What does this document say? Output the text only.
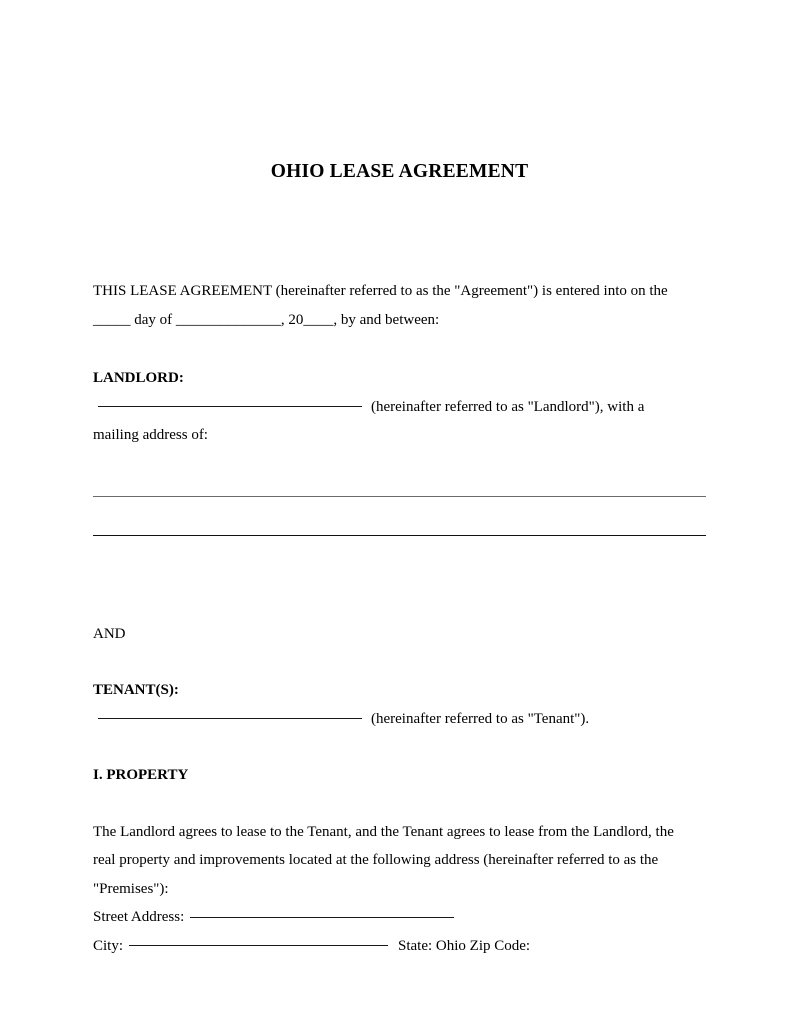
OHIO LEASE AGREEMENT

THIS LEASE AGREEMENT (hereinafter referred to as the "Agreement") is entered into on the

_____ day of ______________, 20____, by and between:

LANDLORD:

(hereinafter referred to as "Landlord"), with a

mailing address of:

AND

TENANT(S):

(hereinafter referred to as "Tenant").

I. PROPERTY

The Landlord agrees to lease to the Tenant, and the Tenant agrees to lease from the Landlord, the

real property and improvements located at the following address (hereinafter referred to as the

"Premises"):

Street Address:

City:	State: Ohio Zip Code:
